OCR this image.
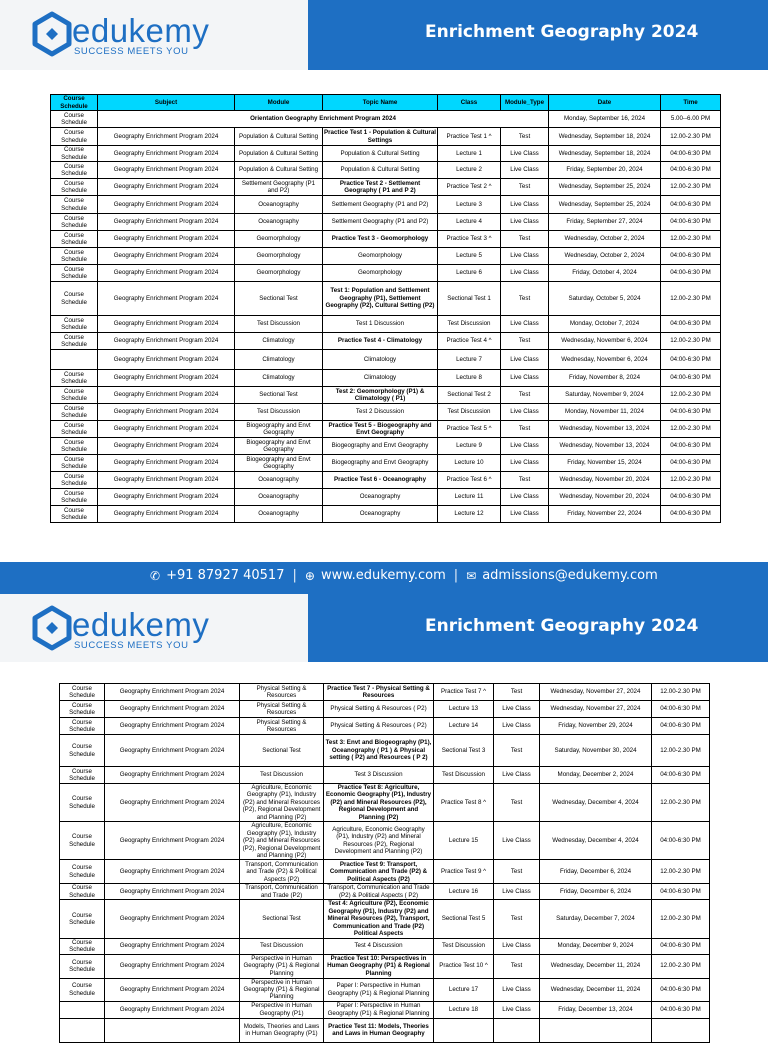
edukemy
SUCCESS MEETS YOU
Enrichment Geography 2024
Course Schedule	Subject	Module	Topic Name	Class	Module_Type	Date	Time
Course Schedule	Orientation Geography Enrichment Program 2024					Monday, September 16, 2024	5.00--6.00 PM
Course Schedule	Geography Enrichment Program 2024	Population & Cultural Setting	Practice Test 1 - Population & Cultural Settings	Practice Test 1 ^	Test	Wednesday, September 18, 2024	12.00-2.30 PM
Course Schedule	Geography Enrichment Program 2024	Population & Cultural Setting	Population & Cultural Setting	Lecture 1	Live Class	Wednesday, September 18, 2024	04:00-6:30 PM
Course Schedule	Geography Enrichment Program 2024	Population & Cultural Setting	Population & Cultural Setting	Lecture 2	Live Class	Friday, September 20, 2024	04:00-6:30 PM
Course Schedule	Geography Enrichment Program 2024	Settlement Geography (P1 and P2)	Practice Test 2 - Settlement Geography ( P1 and P 2)	Practice Test 2 ^	Test	Wednesday, September 25, 2024	12.00-2.30 PM
Course Schedule	Geography Enrichment Program 2024	Oceanography	Settlement Geography (P1 and P2)	Lecture 3	Live Class	Wednesday, September 25, 2024	04:00-6:30 PM
Course Schedule	Geography Enrichment Program 2024	Oceanography	Settlement Geography (P1 and P2)	Lecture 4	Live Class	Friday, September 27, 2024	04:00-6:30 PM
Course Schedule	Geography Enrichment Program 2024	Geomorphology	Practice Test 3 - Geomorphology	Practice Test 3 ^	Test	Wednesday, October 2, 2024	12.00-2.30 PM
Course Schedule	Geography Enrichment Program 2024	Geomorphology	Geomorphology	Lecture 5	Live Class	Wednesday, October 2, 2024	04:00-6:30 PM
Course Schedule	Geography Enrichment Program 2024	Geomorphology	Geomorphology	Lecture 6	Live Class	Friday, October 4, 2024	04:00-6:30 PM
Course Schedule	Geography Enrichment Program 2024	Sectional Test	Test 1: Population and Settlement Geography (P1), Settlement Geography (P2), Cultural Setting (P2)	Sectional Test 1	Test	Saturday, October 5, 2024	12.00-2.30 PM
Course Schedule	Geography Enrichment Program 2024	Test Discussion	Test 1 Discussion	Test Discussion	Live Class	Monday, October 7, 2024	04:00-6:30 PM
Course Schedule	Geography Enrichment Program 2024	Climatology	Practice Test 4 - Climatology	Practice Test 4 ^	Test	Wednesday, November 6, 2024	12.00-2.30 PM
	Geography Enrichment Program 2024	Climatology	Climatology	Lecture 7	Live Class	Wednesday, November 6, 2024	04:00-6:30 PM
Course Schedule	Geography Enrichment Program 2024	Climatology	Climatology	Lecture 8	Live Class	Friday, November 8, 2024	04:00-6:30 PM
Course Schedule	Geography Enrichment Program 2024	Sectional Test	Test 2: Geomorphology (P1) & Climatology ( P1)	Sectional Test 2	Test	Saturday, November 9, 2024	12.00-2.30 PM
Course Schedule	Geography Enrichment Program 2024	Test Discussion	Test 2 Discussion	Test Discussion	Live Class	Monday, November 11, 2024	04:00-6:30 PM
Course Schedule	Geography Enrichment Program 2024	Biogeography and Envt Geography	Practice Test 5 - Biogeography and Envt Geography	Practice Test 5 ^	Test	Wednesday, November 13, 2024	12.00-2.30 PM
Course Schedule	Geography Enrichment Program 2024	Biogeography and Envt Geography	Biogeography and Envt Geography	Lecture 9	Live Class	Wednesday, November 13, 2024	04:00-6:30 PM
Course Schedule	Geography Enrichment Program 2024	Biogeography and Envt Geography	Biogeography and Envt Geography	Lecture 10	Live Class	Friday, November 15, 2024	04:00-6:30 PM
Course Schedule	Geography Enrichment Program 2024	Oceanography	Practice Test 6 - Oceanography	Practice Test 6 ^	Test	Wednesday, November 20, 2024	12.00-2.30 PM
Course Schedule	Geography Enrichment Program 2024	Oceanography	Oceanography	Lecture 11	Live Class	Wednesday, November 20, 2024	04:00-6:30 PM
Course Schedule	Geography Enrichment Program 2024	Oceanography	Oceanography	Lecture 12	Live Class	Friday, November 22, 2024	04:00-6:30 PM
✆ +91 87927 40517 | ⊕ www.edukemy.com | ✉ admissions@edukemy.com
edukemy
SUCCESS MEETS YOU
Enrichment Geography 2024
Course Schedule	Geography Enrichment Program 2024	Physical Setting & Resources	Practice Test 7 - Physical Setting & Resources	Practice Test 7 ^	Test	Wednesday, November 27, 2024	12.00-2.30 PM
Course Schedule	Geography Enrichment Program 2024	Physical Setting & Resources	Physical Setting & Resources ( P2)	Lecture 13	Live Class	Wednesday, November 27, 2024	04:00-6:30 PM
Course Schedule	Geography Enrichment Program 2024	Physical Setting & Resources	Physical Setting & Resources ( P2)	Lecture 14	Live Class	Friday, November 29, 2024	04:00-6:30 PM
Course Schedule	Geography Enrichment Program 2024	Sectional Test	Test 3: Envt and Biogeography (P1), Oceanography ( P1 ) & Physical setting ( P2) and Resources ( P 2)	Sectional Test 3	Test	Saturday, November 30, 2024	12.00-2.30 PM
Course Schedule	Geography Enrichment Program 2024	Test Discussion	Test 3 Discussion	Test Discussion	Live Class	Monday, December 2, 2024	04:00-6:30 PM
Course Schedule	Geography Enrichment Program 2024	Agriculture, Economic Geography (P1), Industry (P2) and Mineral Resources (P2), Regional Development and Planning (P2)	Practice Test 8: Agriculture, Economic Geography (P1), Industry (P2) and Mineral Resources (P2), Regional Development and Planning (P2)	Practice Test 8 ^	Test	Wednesday, December 4, 2024	12.00-2.30 PM
Course Schedule	Geography Enrichment Program 2024	Agriculture, Economic Geography (P1), Industry (P2) and Mineral Resources (P2), Regional Development and Planning (P2)	Agriculture, Economic Geography (P1), Industry (P2) and Mineral Resources (P2), Regional Development and Planning (P2)	Lecture 15	Live Class	Wednesday, December 4, 2024	04:00-6:30 PM
Course Schedule	Geography Enrichment Program 2024	Transport, Communication and Trade (P2) & Political Aspects (P2)	Practice Test 9: Transport, Communication and Trade (P2) & Political Aspects (P2)	Practice Test 9 ^	Test	Friday, December 6, 2024	12.00-2.30 PM
Course Schedule	Geography Enrichment Program 2024	Transport, Communication and Trade (P2)	Transport, Communication and Trade (P2) & Political Aspects ( P2)	Lecture 16	Live Class	Friday, December 6, 2024	04:00-6:30 PM
Course Schedule	Geography Enrichment Program 2024	Sectional Test	Test 4: Agriculture (P2), Economic Geography (P1), Industry (P2) and Mineral Resources (P2), Transport, Communication and Trade (P2) Political Aspects	Sectional Test 5	Test	Saturday, December 7, 2024	12.00-2.30 PM
Course Schedule	Geography Enrichment Program 2024	Test Discussion	Test 4 Discussion	Test Discussion	Live Class	Monday, December 9, 2024	04:00-6:30 PM
Course Schedule	Geography Enrichment Program 2024	Perspective in Human Geography (P1) & Regional Planning	Practice Test 10: Perspectives in Human Geography (P1) & Regional Planning	Practice Test 10 ^	Test	Wednesday, December 11, 2024	12.00-2.30 PM
Course Schedule	Geography Enrichment Program 2024	Perspective in Human Geography (P1) & Regional Planning	Paper I: Perspective in Human Geography (P1) & Regional Planning	Lecture 17	Live Class	Wednesday, December 11, 2024	04:00-6:30 PM
	Geography Enrichment Program 2024	Perspective in Human Geography (P1)	Paper I: Perspective in Human Geography (P1) & Regional Planning	Lecture 18	Live Class	Friday, December 13, 2024	04:00-6:30 PM
		Models, Theories and Laws in Human Geography (P1)	Practice Test 11: Models, Theories and Laws in Human Geography				
